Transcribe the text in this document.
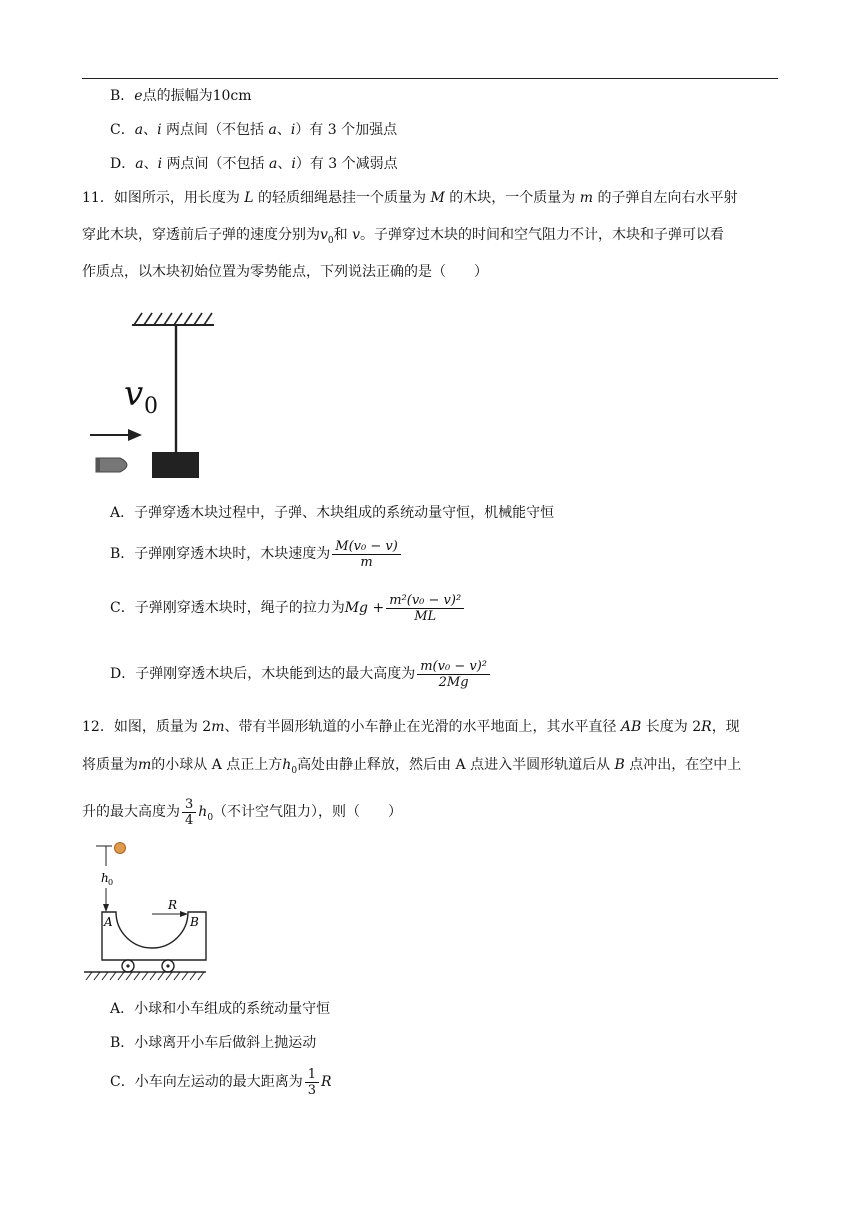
B．e点的振幅为10cm
C．a、i 两点间（不包括 a、i）有 3 个加强点
D．a、i 两点间（不包括 a、i）有 3 个减弱点
11．如图所示，用长度为 L 的轻质细绳悬挂一个质量为 M 的木块，一个质量为 m 的子弹自左向右水平射
穿此木块，穿透前后子弹的速度分别为$v_0$和 v。子弹穿过木块的时间和空气阻力不计，木块和子弹可以看
作质点，以木块初始位置为零势能点，下列说法正确的是（　　）
v 0
A．子弹穿透木块过程中，子弹、木块组成的系统动量守恒，机械能守恒
B．子弹刚穿透木块时，木块速度为 $\frac{\text{M(v₀ − v)}}{m}$
C．子弹刚穿透木块时，绳子的拉力为$Mg + \frac{\text{m²(v₀ − v)²}}{ML}$
D．子弹刚穿透木块后，木块能到达的最大高度为 $\frac{\text{m(v₀ − v)²}}{2Mg}$
12．如图，质量为 2m、带有半圆形轨道的小车静止在光滑的水平地面上，其水平直径 AB 长度为 2R，现
将质量为m的小球从 A 点正上方$h_0$高处由静止释放，然后由 A 点进入半圆形轨道后从 B 点冲出，在空中上
升的最大高度为 $\frac{3}{4} h_0$（不计空气阻力），则（　　）
h 0
A	B
R
A．小球和小车组成的系统动量守恒
B．小球离开小车后做斜上抛运动
C．小车向左运动的最大距离为 $\frac{1}{3}$ R
